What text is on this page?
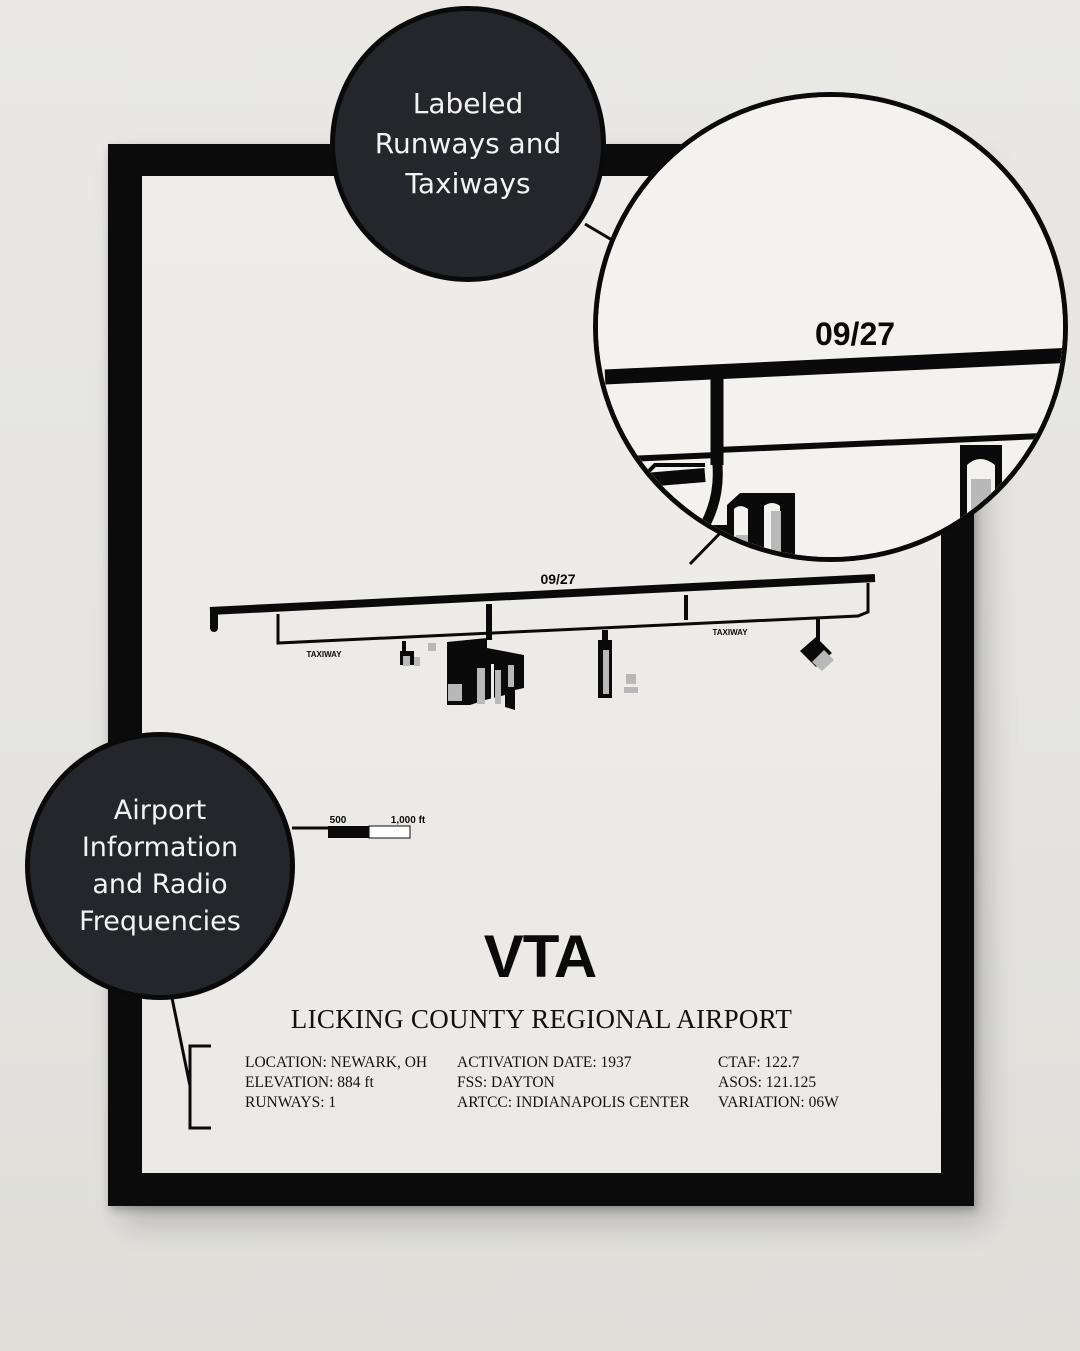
09/27
TAXIWAY
TAXIWAY
500	1,000 ft
09/27
Labeled Runways and Taxiways
Airport Information and Radio Frequencies
VTA
LICKING COUNTY REGIONAL AIRPORT
LOCATION: NEWARK, OH
ELEVATION: 884 ft
RUNWAYS: 1
ACTIVATION DATE: 1937
FSS: DAYTON
ARTCC: INDIANAPOLIS CENTER
CTAF: 122.7
ASOS: 121.125
VARIATION: 06W
